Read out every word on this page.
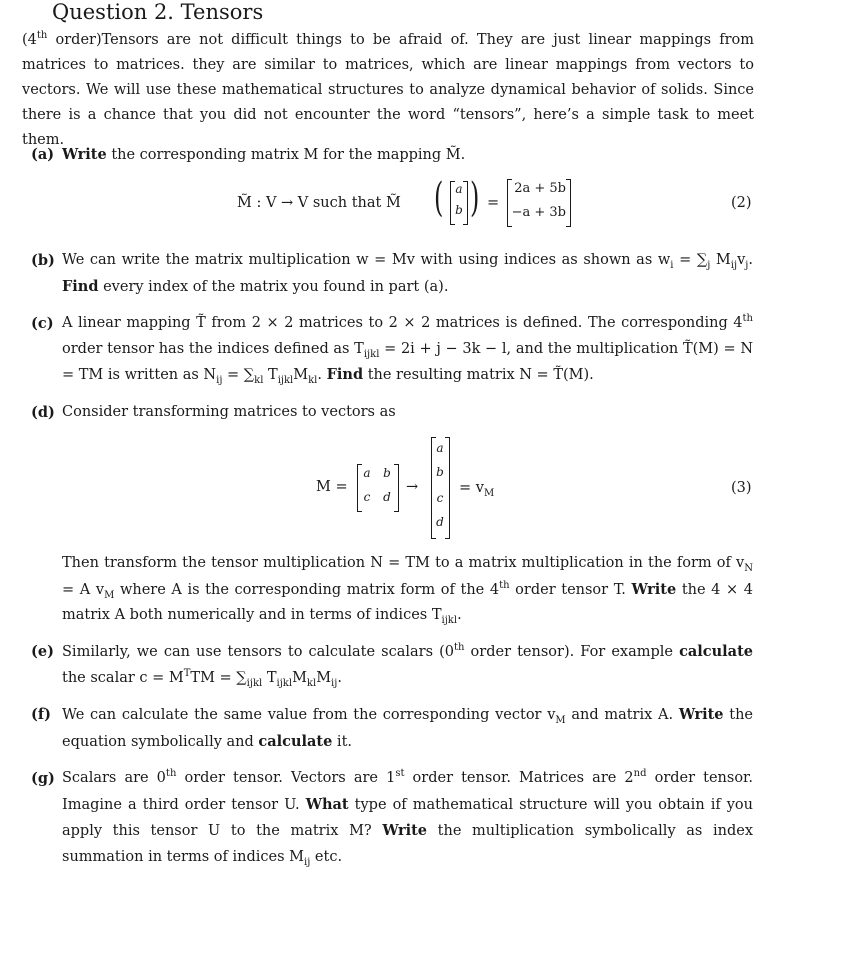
Question 2. Tensors
(4th order)Tensors are not difficult things to be afraid of. They are just linear mappings from matrices to matrices. they are similar to matrices, which are linear mappings from vectors to vectors. We will use these mathematical structures to analyze dynamical behavior of solids. Since there is a chance that you did not encounter the word “tensors”, here’s a simple task to meet them.
(a) Write the corresponding matrix M for the mapping M̃.
M̃ : V → V such that M̃ ( a
b ) =
2a + 5b
−a + 3b
(2)
(b) We can write the matrix multiplication w = Mv with using indices as shown as $w_i = \sum_j$ $M_{ij}v_j$. Find every index of the matrix you found in part (a).
(c) A linear mapping T̃ from 2 × 2 matrices to 2 × 2 matrices is defined. The corresponding 4th order tensor has the indices defined as $T_{ijkl} = 2i + j - 3k - l$, and the multiplication T̃(M) = N = TM is written as $N_{ij} = \sum_{kl}$ $T_{ijkl}M_{kl}$. Find the resulting matrix N = T̃(M).
(d) Consider transforming matrices to vectors as
M =
a b
c	d
→
a
b
c
d
= $v_M$	(3)
Then transform the tensor multiplication N = TM to a matrix multiplication in the form of $v_N = A$ $v_M$ where A is the corresponding matrix form of the 4th order tensor T. Write the 4 × 4 matrix A both numerically and in terms of indices $T_{ijkl}$.
(e) Similarly, we can use tensors to calculate scalars (0th order tensor). For example calculate the scalar $c = M^TTM = \sum_{ijkl}$ $T_{ijkl}M_{kl}M_{ij}$.
(f) We can calculate the same value from the corresponding vector $v_M$ and matrix A. Write the equation symbolically and calculate it.
(g) Scalars are 0th order tensor. Vectors are 1st order tensor. Matrices are 2nd order tensor. Imagine a third order tensor U. What type of mathematical structure will you obtain if you apply this tensor U to the matrix M? Write the multiplication symbolically as index summation in terms of indices $M_{ij}$ etc.
